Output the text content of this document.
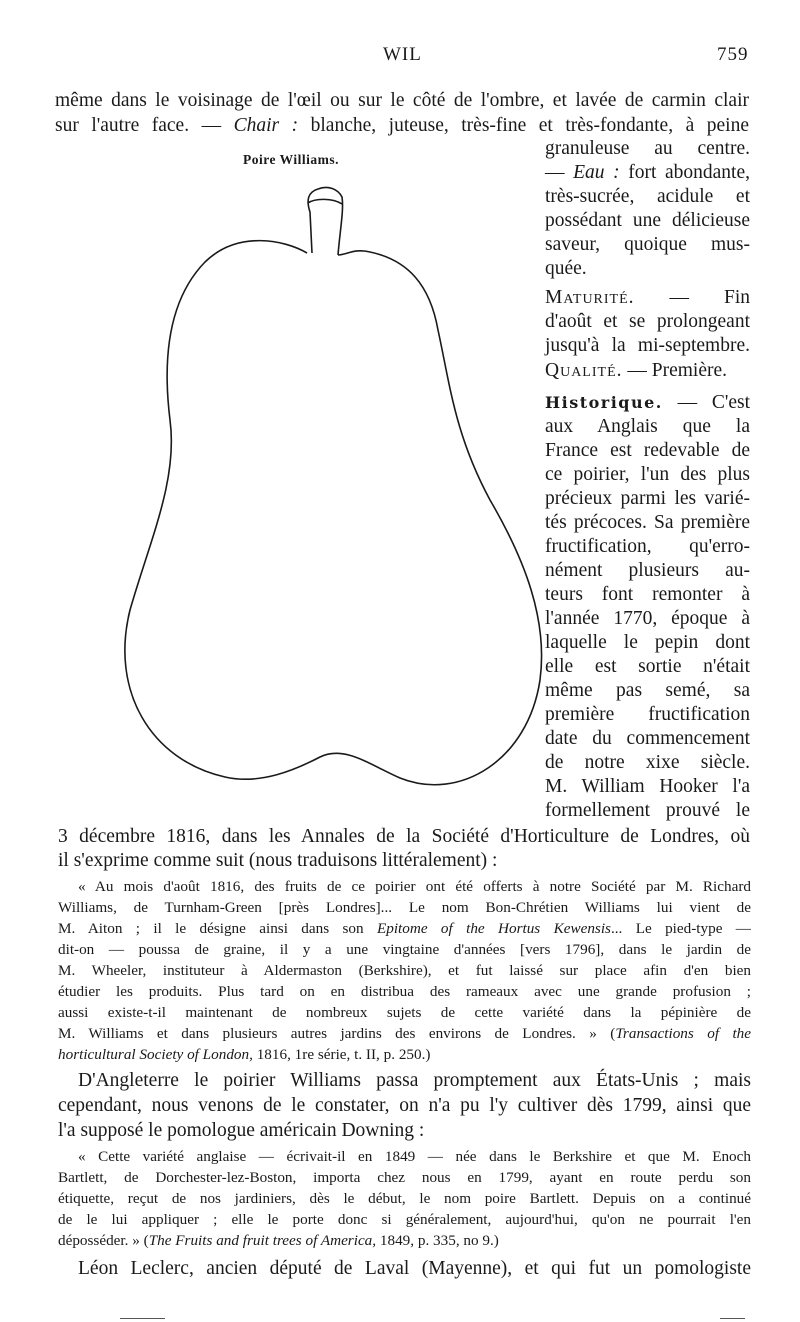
WIL	759
même dans le voisinage de l'œil ou sur le côté de l'ombre, et lavée de carmin clair
sur l'autre face. — Chair : blanche, juteuse, très-fine et très-fondante, à peine
Poire Williams.
granuleuse au centre.
— Eau : fort abondante,
très-sucrée, acidule et
possédant une délicieuse
saveur, quoique mus-
quée.
Maturité. — Fin
d'août et se prolongeant
jusqu'à la mi-septembre.
Qualité. — Première.
Historique. — C'est
aux Anglais que la
France est redevable de
ce poirier, l'un des plus
précieux parmi les varié-
tés précoces. Sa première
fructification, qu'erro-
nément plusieurs au-
teurs font remonter à
l'année 1770, époque à
laquelle le pepin dont
elle est sortie n'était
même pas semé, sa
première fructification
date du commencement
de notre xixe siècle.
M. William Hooker l'a
formellement prouvé le
3 décembre 1816, dans les Annales de la Société d'Horticulture de Londres, où
il s'exprime comme suit (nous traduisons littéralement) :
« Au mois d'août 1816, des fruits de ce poirier ont été offerts à notre Société par M. Richard
Williams, de Turnham-Green [près Londres]... Le nom Bon-Chrétien Williams lui vient de
M. Aiton ; il le désigne ainsi dans son Epitome of the Hortus Kewensis... Le pied-type —
dit-on — poussa de graine, il y a une vingtaine d'années [vers 1796], dans le jardin de
M. Wheeler, instituteur à Aldermaston (Berkshire), et fut laissé sur place afin d'en bien
étudier les produits. Plus tard on en distribua des rameaux avec une grande profusion ;
aussi existe-t-il maintenant de nombreux sujets de cette variété dans la pépinière de
M. Williams et dans plusieurs autres jardins des environs de Londres. » (Transactions of the
horticultural Society of London, 1816, 1re série, t. II, p. 250.)
D'Angleterre le poirier Williams passa promptement aux États-Unis ; mais
cependant, nous venons de le constater, on n'a pu l'y cultiver dès 1799, ainsi que
l'a supposé le pomologue américain Downing :
« Cette variété anglaise — écrivait-il en 1849 — née dans le Berkshire et que M. Enoch
Bartlett, de Dorchester-lez-Boston, importa chez nous en 1799, ayant en route perdu son
étiquette, reçut de nos jardiniers, dès le début, le nom poire Bartlett. Depuis on a continué
de le lui appliquer ; elle le porte donc si généralement, aujourd'hui, qu'on ne pourrait l'en
déposséder. » (The Fruits and fruit trees of America, 1849, p. 335, no 9.)
Léon Leclerc, ancien député de Laval (Mayenne), et qui fut un pomologiste
